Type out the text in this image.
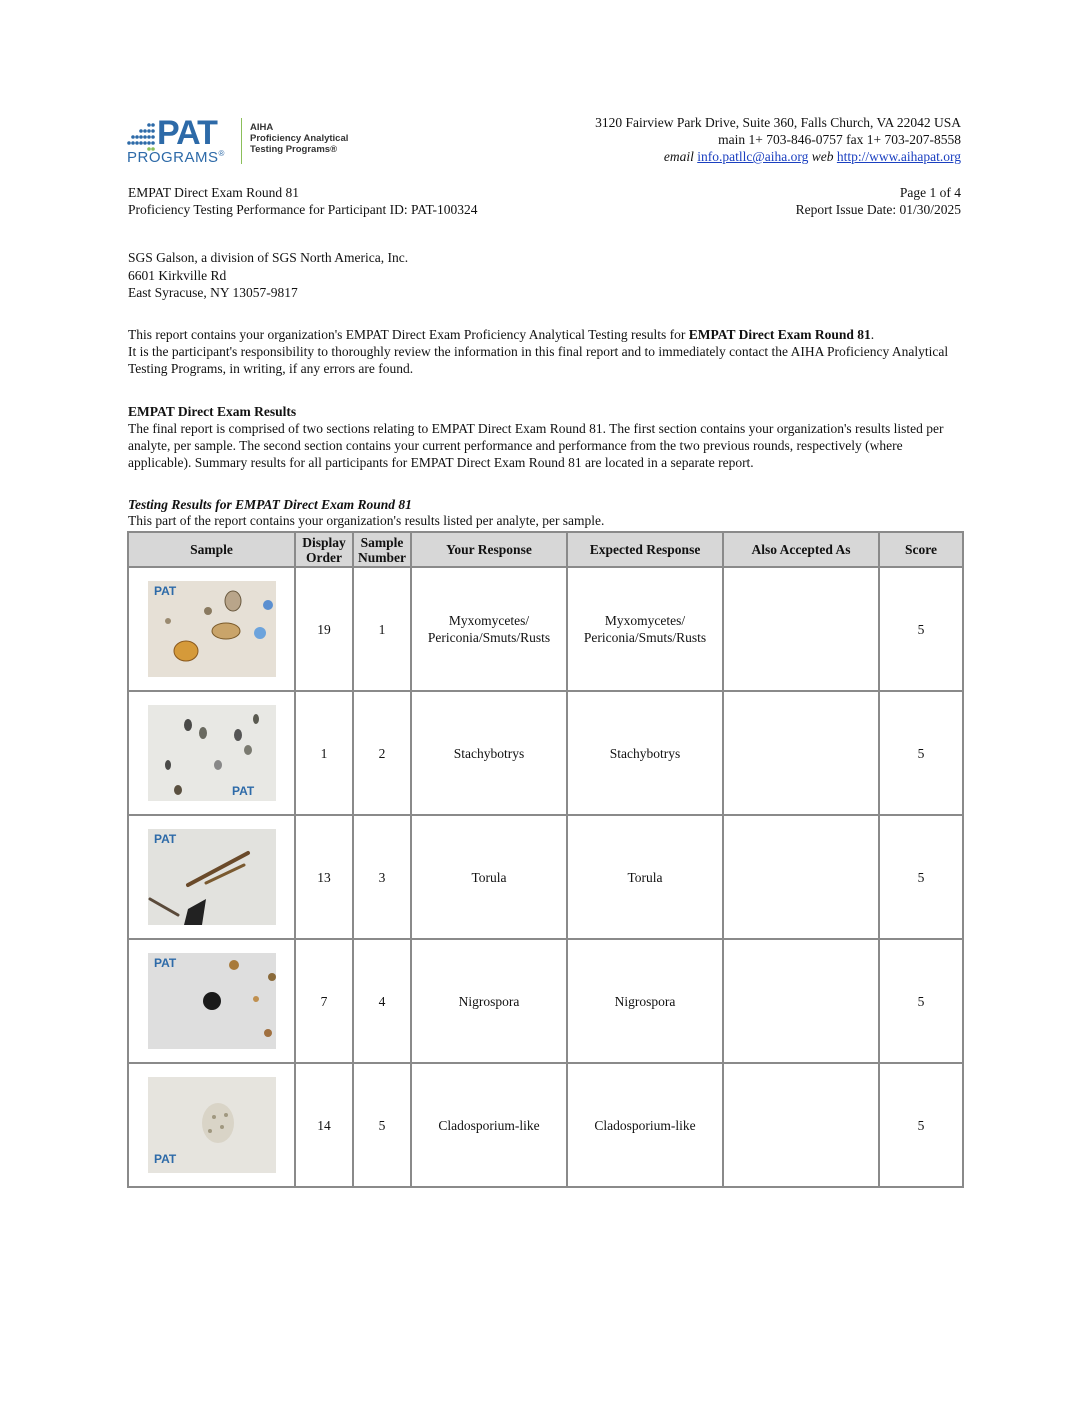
PAT
PROGRAMS®
AIHA
Proficiency Analytical
Testing Programs®
3120 Fairview Park Drive, Suite 360, Falls Church, VA 22042 USA
main 1+ 703-846-0757 fax 1+ 703-207-8558
email info.patllc@aiha.org web http://www.aihapat.org
EMPAT Direct Exam Round 81
Proficiency Testing Performance for Participant ID: PAT-100324
Page 1 of 4
Report Issue Date: 01/30/2025
SGS Galson, a division of SGS North America, Inc.
6601 Kirkville Rd
East Syracuse, NY 13057-9817
This report contains your organization's EMPAT Direct Exam Proficiency Analytical Testing results for EMPAT Direct Exam Round 81.
It is the participant's responsibility to thoroughly review the information in this final report and to immediately contact the AIHA Proficiency Analytical Testing Programs, in writing, if any errors are found.
EMPAT Direct Exam Results
The final report is comprised of two sections relating to EMPAT Direct Exam Round 81. The first section contains your organization's results listed per analyte, per sample. The second section contains your current performance and performance from the two previous rounds, respectively (where applicable). Summary results for all participants for EMPAT Direct Exam Round 81 are located in a separate report.
Testing Results for EMPAT Direct Exam Round 81
This part of the report contains your organization's results listed per analyte, per sample.
Sample	Display Order	Sample Number	Your Response	Expected Response	Also Accepted As	Score

PAT	19	1	Myxomycetes/ Periconia/Smuts/Rusts	Myxomycetes/ Periconia/Smuts/Rusts		5

PAT	1	2	Stachybotrys	Stachybotrys		5

PAT	13	3	Torula	Torula		5

PAT	7	4	Nigrospora	Nigrospora		5

PAT	14	5	Cladosporium-like	Cladosporium-like		5
